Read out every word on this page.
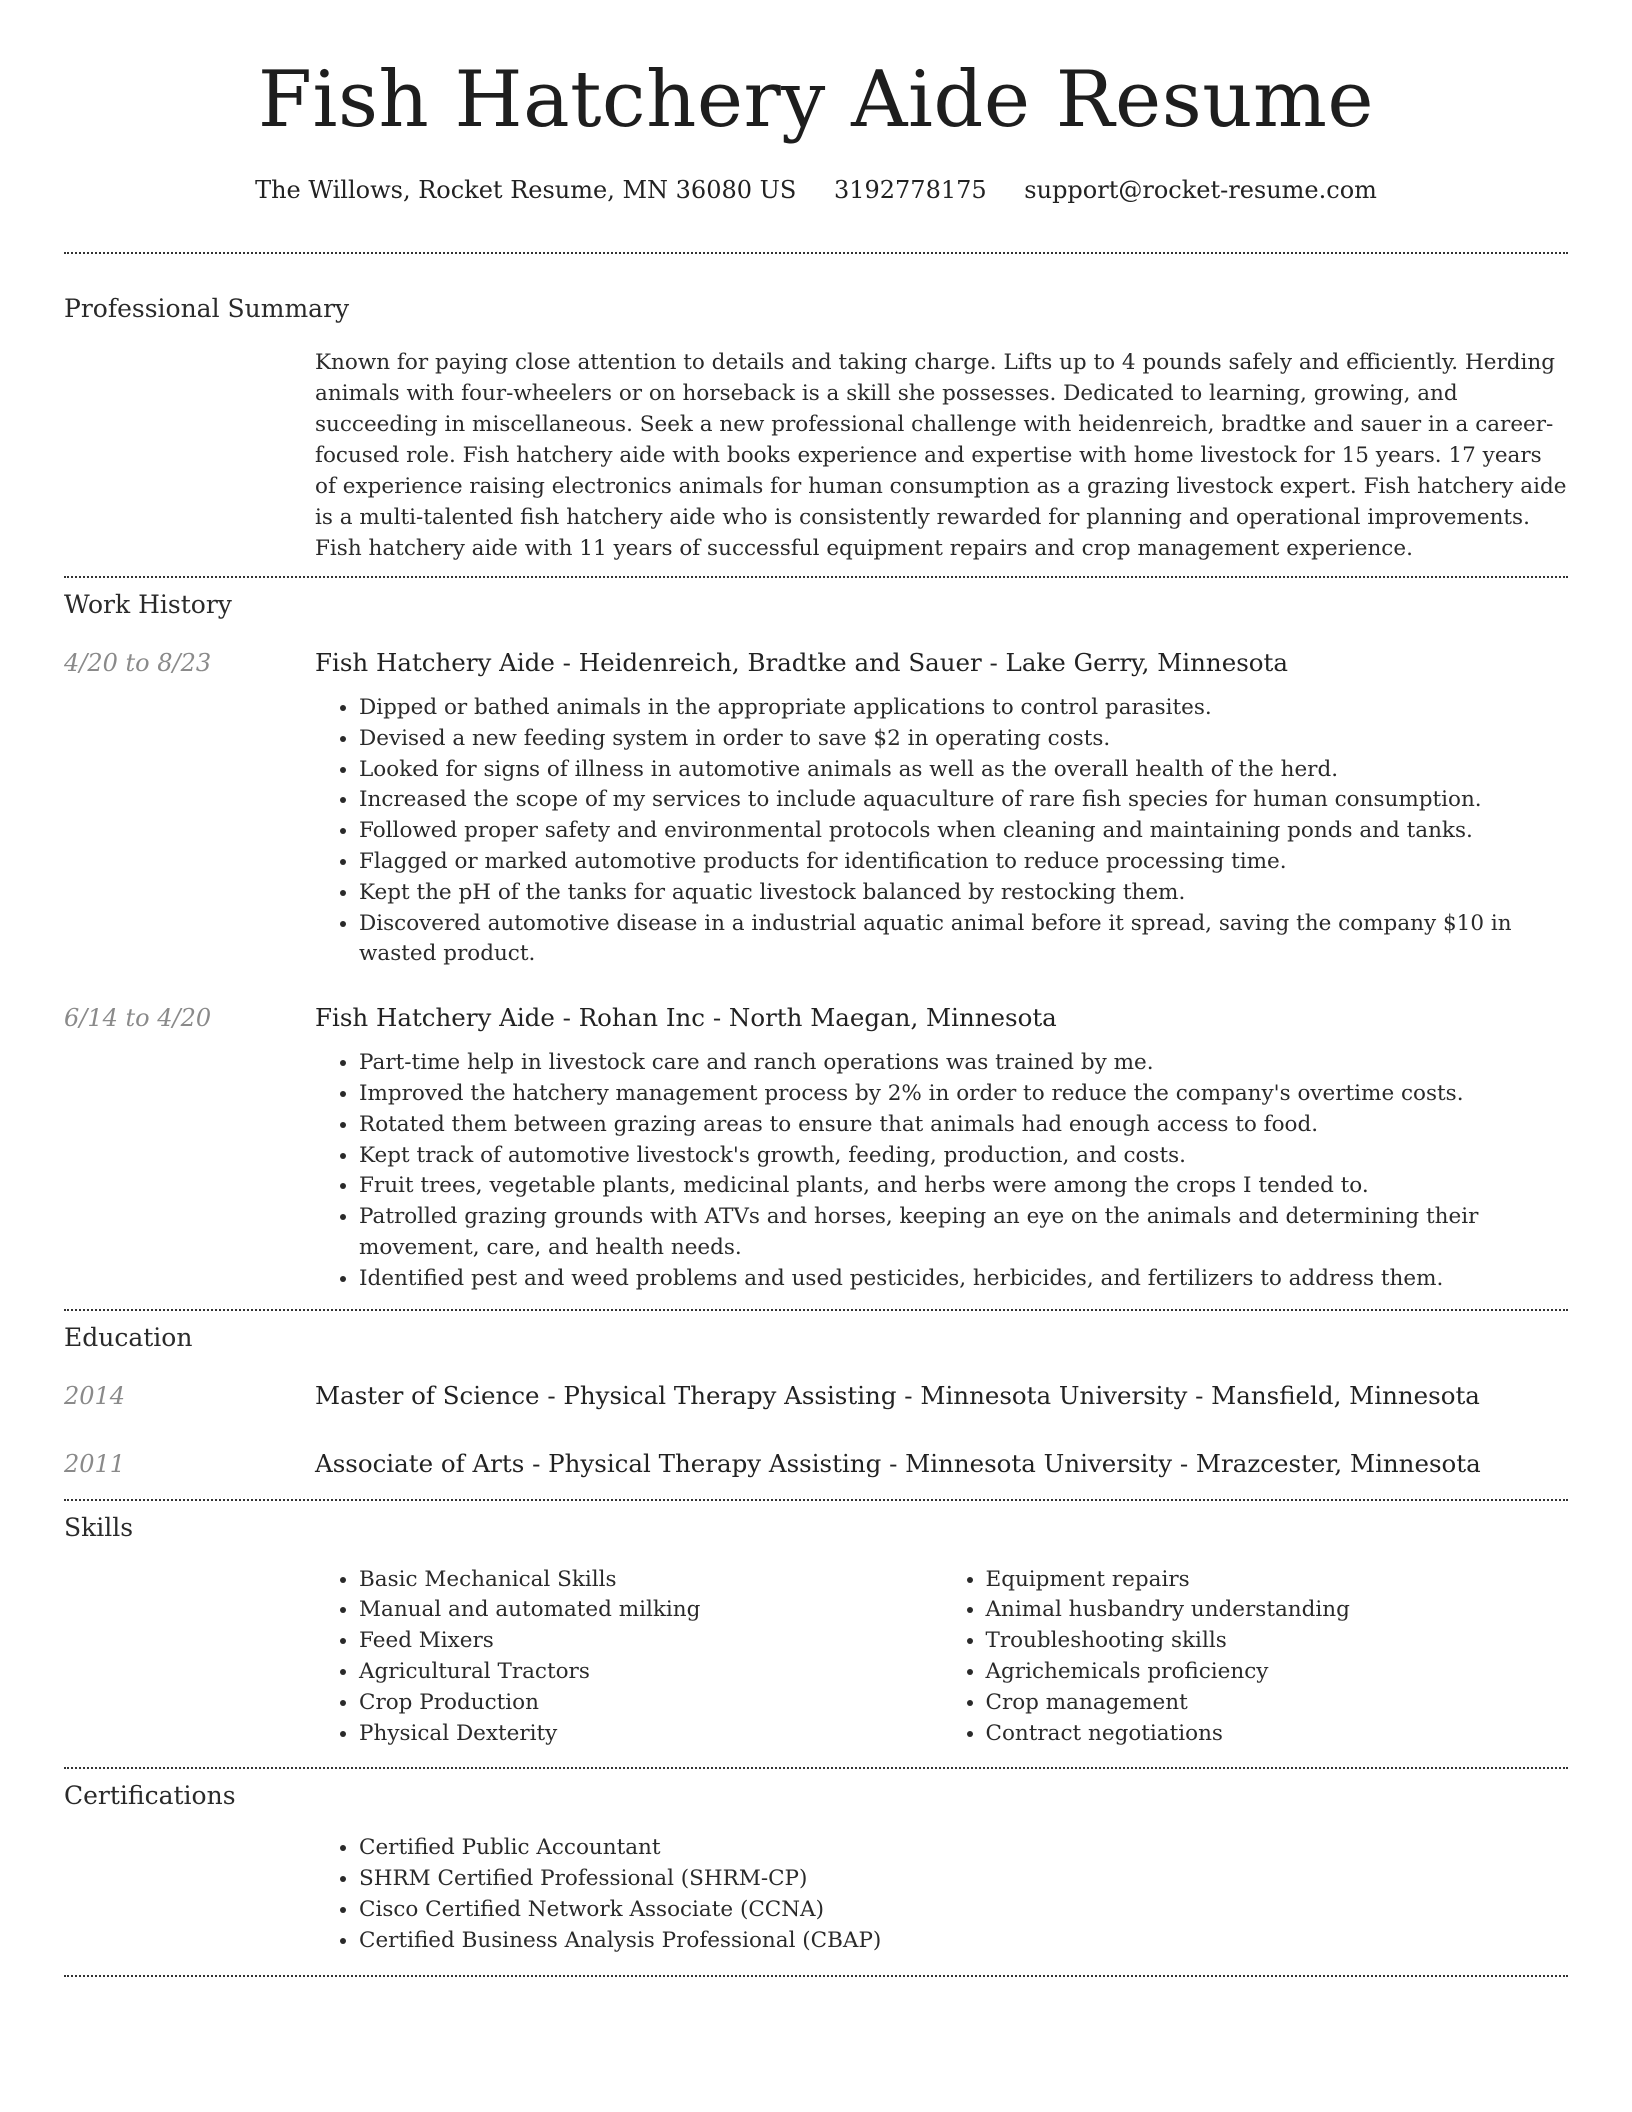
Fish Hatchery Aide Resume
The Willows, Rocket Resume, MN 36080 US 3192778175 support@rocket-resume.com
Professional Summary

Known for paying close attention to details and taking charge. Lifts up to 4 pounds safely and efficiently. Herding animals with four-wheelers or on horseback is a skill she possesses. Dedicated to learning, growing, and succeeding in miscellaneous. Seek a new professional challenge with heidenreich, bradtke and sauer in a career-focused role. Fish hatchery aide with books experience and expertise with home livestock for 15 years. 17 years of experience raising electronics animals for human consumption as a grazing livestock expert. Fish hatchery aide is a multi-talented fish hatchery aide who is consistently rewarded for planning and operational improvements. Fish hatchery aide with 11 years of successful equipment repairs and crop management experience.

Work History
4/20 to 8/23	Fish Hatchery Aide - Heidenreich, Bradtke and Sauer - Lake Gerry, Minnesota
• Dipped or bathed animals in the appropriate applications to control parasites.
• Devised a new feeding system in order to save $2 in operating costs.
• Looked for signs of illness in automotive animals as well as the overall health of the herd.
• Increased the scope of my services to include aquaculture of rare fish species for human consumption.
• Followed proper safety and environmental protocols when cleaning and maintaining ponds and tanks.
• Flagged or marked automotive products for identification to reduce processing time.
• Kept the pH of the tanks for aquatic livestock balanced by restocking them.
• Discovered automotive disease in a industrial aquatic animal before it spread, saving the company $10 in wasted product.
6/14 to 4/20	Fish Hatchery Aide - Rohan Inc - North Maegan, Minnesota
• Part-time help in livestock care and ranch operations was trained by me.
• Improved the hatchery management process by 2% in order to reduce the company's overtime costs.
• Rotated them between grazing areas to ensure that animals had enough access to food.
• Kept track of automotive livestock's growth, feeding, production, and costs.
• Fruit trees, vegetable plants, medicinal plants, and herbs were among the crops I tended to.
• Patrolled grazing grounds with ATVs and horses, keeping an eye on the animals and determining their movement, care, and health needs.
• Identified pest and weed problems and used pesticides, herbicides, and fertilizers to address them.
Education
2014	Master of Science - Physical Therapy Assisting - Minnesota University - Mansfield, Minnesota
2011	Associate of Arts - Physical Therapy Assisting - Minnesota University - Mrazcester, Minnesota
Skills
• Basic Mechanical Skills
• Manual and automated milking
• Feed Mixers
• Agricultural Tractors
• Crop Production
• Physical Dexterity
• Equipment repairs
• Animal husbandry understanding
• Troubleshooting skills
• Agrichemicals proficiency
• Crop management
• Contract negotiations
Certifications
• Certified Public Accountant
• SHRM Certified Professional (SHRM-CP)
• Cisco Certified Network Associate (CCNA)
• Certified Business Analysis Professional (CBAP)
